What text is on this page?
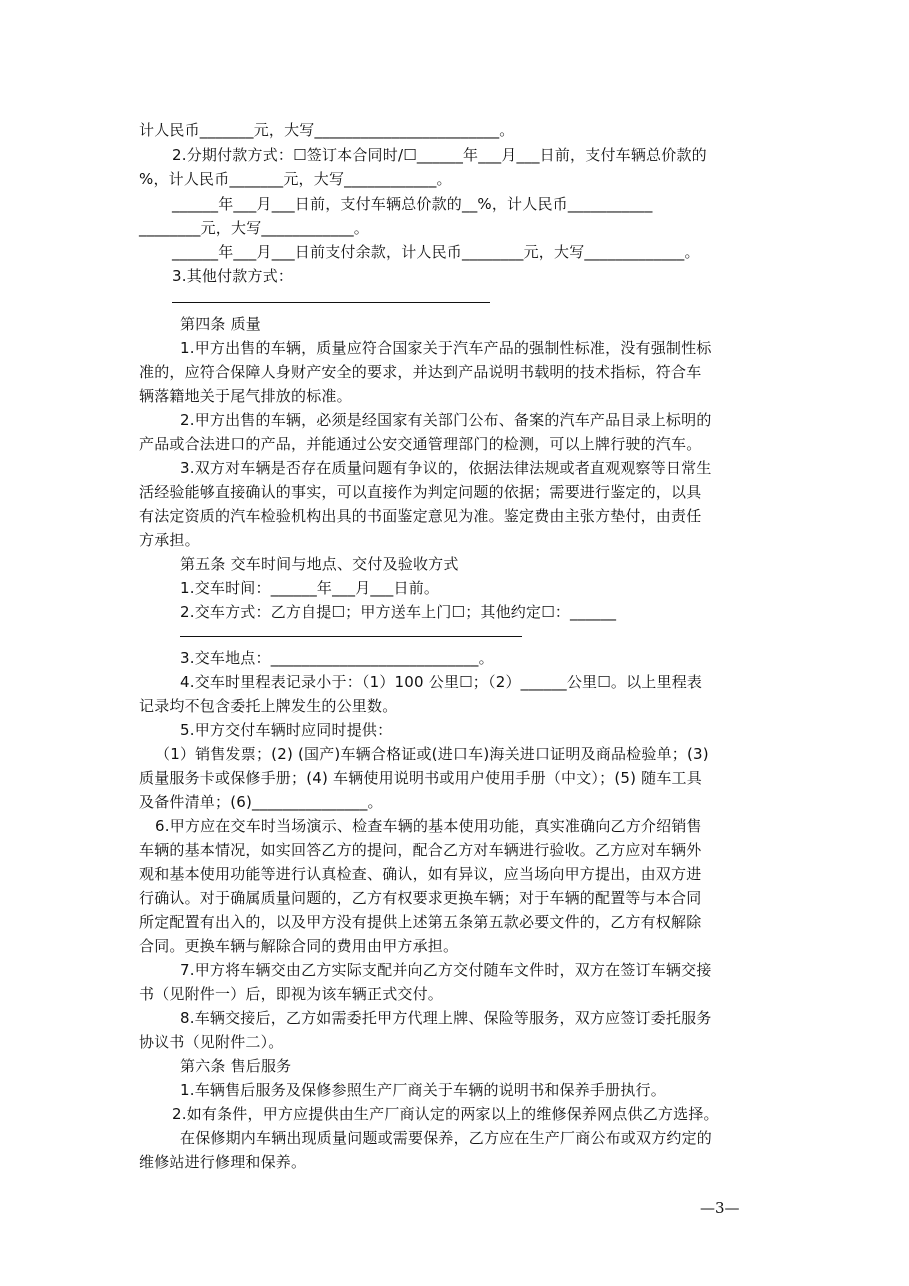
计人民币_______元，大写________________________。
2.分期付款方式：☐签订本合同时/☐______年___月___日前，支付车辆总价款的
%，计人民币_______元，大写____________。
______年___月___日前，支付车辆总价款的__%，计人民币___________
________元，大写____________。
______年___月___日前支付余款，计人民币________元，大写_____________。
3.其他付款方式：
第四条 质量
1.甲方出售的车辆，质量应符合国家关于汽车产品的强制性标准，没有强制性标
准的，应符合保障人身财产安全的要求，并达到产品说明书载明的技术指标，符合车
辆落籍地关于尾气排放的标准。
2.甲方出售的车辆，必须是经国家有关部门公布、备案的汽车产品目录上标明的
产品或合法进口的产品，并能通过公安交通管理部门的检测，可以上牌行驶的汽车。
3.双方对车辆是否存在质量问题有争议的，依据法律法规或者直观观察等日常生
活经验能够直接确认的事实，可以直接作为判定问题的依据；需要进行鉴定的，以具
有法定资质的汽车检验机构出具的书面鉴定意见为准。鉴定费由主张方垫付，由责任
方承担。
第五条 交车时间与地点、交付及验收方式
1.交车时间：______年___月___日前。
2.交车方式：乙方自提☐；甲方送车上门☐；其他约定☐：______
3.交车地点：___________________________。
4.交车时里程表记录小于：（1）100 公里☐；（2）______公里☐。以上里程表
记录均不包含委托上牌发生的公里数。
5.甲方交付车辆时应同时提供：
（1）销售发票；(2) (国产)车辆合格证或(进口车)海关进口证明及商品检验单；(3)
质量服务卡或保修手册；(4) 车辆使用说明书或用户使用手册（中文）；(5) 随车工具
及备件清单；(6)_______________。
6.甲方应在交车时当场演示、检查车辆的基本使用功能，真实准确向乙方介绍销售
车辆的基本情况，如实回答乙方的提问，配合乙方对车辆进行验收。乙方应对车辆外
观和基本使用功能等进行认真检查、确认，如有异议，应当场向甲方提出，由双方进
行确认。对于确属质量问题的，乙方有权要求更换车辆；对于车辆的配置等与本合同
所定配置有出入的，以及甲方没有提供上述第五条第五款必要文件的，乙方有权解除
合同。更换车辆与解除合同的费用由甲方承担。
7.甲方将车辆交由乙方实际支配并向乙方交付随车文件时，双方在签订车辆交接
书（见附件一）后，即视为该车辆正式交付。
8.车辆交接后，乙方如需委托甲方代理上牌、保险等服务，双方应签订委托服务
协议书（见附件二）。
第六条 售后服务
1.车辆售后服务及保修参照生产厂商关于车辆的说明书和保养手册执行。
2.如有条件，甲方应提供由生产厂商认定的两家以上的维修保养网点供乙方选择。
在保修期内车辆出现质量问题或需要保养，乙方应在生产厂商公布或双方约定的
维修站进行修理和保养。
—3—
